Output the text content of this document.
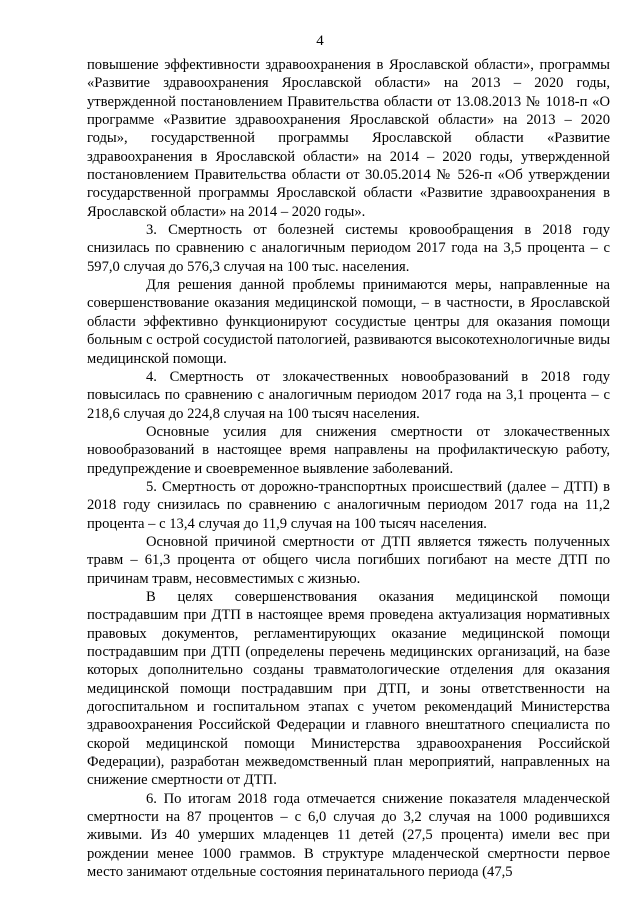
4

повышение эффективности здравоохранения в Ярославской области», программы «Развитие здравоохранения Ярославской области» на 2013 – 2020 годы, утвержденной постановлением Правительства области от 13.08.2013 № 1018-п «О программе «Развитие здравоохранения Ярославской области» на 2013 – 2020 годы», государственной программы Ярославской области «Развитие здравоохранения в Ярославской области» на 2014 – 2020 годы, утвержденной постановлением Правительства области от 30.05.2014 № 526-п «Об утверждении государственной программы Ярославской области «Развитие здравоохранения в Ярославской области» на 2014 – 2020 годы».

3. Смертность от болезней системы кровообращения в 2018 году снизилась по сравнению с аналогичным периодом 2017 года на 3,5 процента – с 597,0 случая до 576,3 случая на 100 тыс. населения.

Для решения данной проблемы принимаются меры, направленные на совершенствование оказания медицинской помощи, – в частности, в Ярославской области эффективно функционируют сосудистые центры для оказания помощи больным с острой сосудистой патологией, развиваются высокотехнологичные виды медицинской помощи.

4. Смертность от злокачественных новообразований в 2018 году повысилась по сравнению с аналогичным периодом 2017 года на 3,1 процента – с 218,6 случая до 224,8 случая на 100 тысяч населения.

Основные усилия для снижения смертности от злокачественных новообразований в настоящее время направлены на профилактическую работу, предупреждение и своевременное выявление заболеваний.

5. Смертность от дорожно-транспортных происшествий (далее – ДТП) в 2018 году снизилась по сравнению с аналогичным периодом 2017 года на 11,2 процента – с 13,4 случая до 11,9 случая на 100 тысяч населения.

Основной причиной смертности от ДТП является тяжесть полученных травм – 61,3 процента от общего числа погибших погибают на месте ДТП по причинам травм, несовместимых с жизнью.

В целях совершенствования оказания медицинской помощи пострадавшим при ДТП в настоящее время проведена актуализация нормативных правовых документов, регламентирующих оказание медицинской помощи пострадавшим при ДТП (определены перечень медицинских организаций, на базе которых дополнительно созданы травматологические отделения для оказания медицинской помощи пострадавшим при ДТП, и зоны ответственности на догоспитальном и госпитальном этапах с учетом рекомендаций Министерства здравоохранения Российской Федерации и главного внештатного специалиста по скорой медицинской помощи Министерства здравоохранения Российской Федерации), разработан межведомственный план мероприятий, направленных на снижение смертности от ДТП.

6. По итогам 2018 года отмечается снижение показателя младенческой смертности на 87 процентов – с 6,0 случая до 3,2 случая на 1000 родившихся живыми. Из 40 умерших младенцев 11 детей (27,5 процента) имели вес при рождении менее 1000 граммов. В структуре младенческой смертности первое место занимают отдельные состояния перинатального периода (47,5
